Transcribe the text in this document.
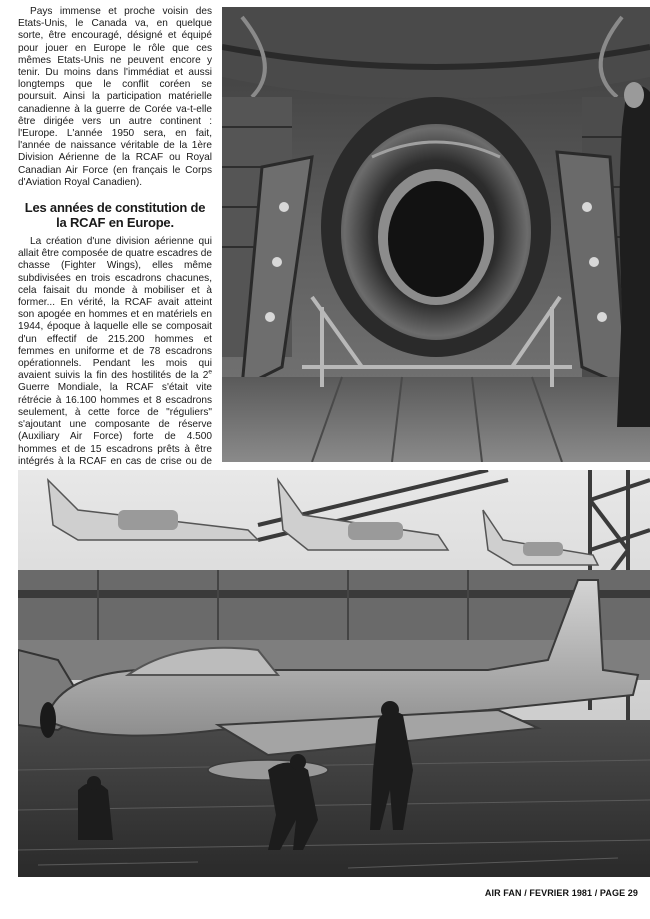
Pays immense et proche voisin des Etats-Unis, le Canada va, en quelque sorte, être encouragé, désigné et équipé pour jouer en Europe le rôle que ces mêmes Etats-Unis ne peuvent encore y tenir. Du moins dans l'immédiat et aussi longtemps que le conflit coréen se poursuit. Ainsi la participation matérielle canadienne à la guerre de Corée va-t-elle être dirigée vers un autre continent : l'Europe. L'année 1950 sera, en fait, l'année de naissance véritable de la 1ère Division Aérienne de la RCAF ou Royal Canadian Air Force (en français le Corps d'Aviation Royal Canadien).

Les années de constitution de la RCAF en Europe.

La création d'une division aérienne qui allait être composée de quatre escadres de chasse (Fighter Wings), elles même subdivisées en trois escadrons chacunes, cela faisait du monde à mobiliser et à former... En vérité, la RCAF avait atteint son apogée en hommes et en matériels en 1944, époque à laquelle elle se composait d'un effectif de 215.200 hommes et femmes en uniforme et de 78 escadrons opérationnels. Pendant les mois qui avaient suivis la fin des hostilités de la 2e Guerre Mondiale, la RCAF s'était vite rétrécie à 16.100 hommes et 8 escadrons seulement, à cette force de "réguliers" s'ajoutant une composante de réserve (Auxiliary Air Force) forte de 4.500 hommes et de 15 escadrons prêts à être intégrés à la RCAF en cas de crise ou de

AIR FAN / FEVRIER 1981 / PAGE 29
